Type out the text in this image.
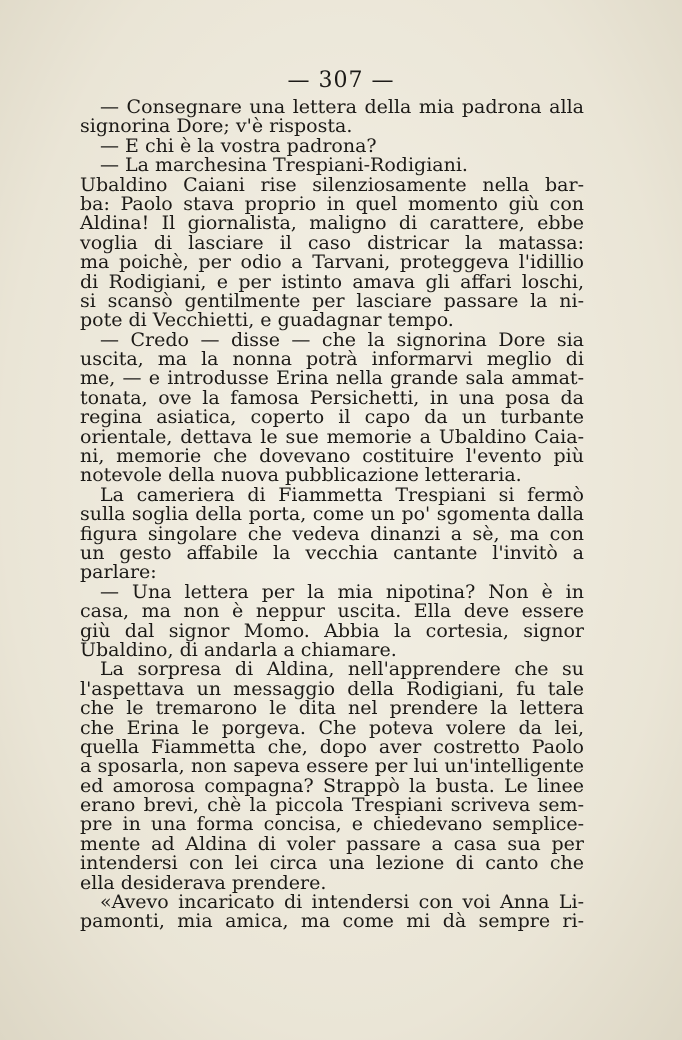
— 307 —
— Consegnare una lettera della mia padrona alla
signorina Dore; v'è risposta.
— E chi è la vostra padrona?
— La marchesina Trespiani-Rodigiani.
Ubaldino Caiani rise silenziosamente nella bar-
ba: Paolo stava proprio in quel momento giù con
Aldina! Il giornalista, maligno di carattere, ebbe
voglia di lasciare il caso districar la matassa:
ma poichè, per odio a Tarvani, proteggeva l'idillio
di Rodigiani, e per istinto amava gli affari loschi,
si scansò gentilmente per lasciare passare la ni-
pote di Vecchietti, e guadagnar tempo.
— Credo — disse — che la signorina Dore sia
uscita, ma la nonna potrà informarvi meglio di
me, — e introdusse Erina nella grande sala ammat-
tonata, ove la famosa Persichetti, in una posa da
regina asiatica, coperto il capo da un turbante
orientale, dettava le sue memorie a Ubaldino Caia-
ni, memorie che dovevano costituire l'evento più
notevole della nuova pubblicazione letteraria.
La cameriera di Fiammetta Trespiani si fermò
sulla soglia della porta, come un po' sgomenta dalla
figura singolare che vedeva dinanzi a sè, ma con
un gesto affabile la vecchia cantante l'invitò a
parlare:
— Una lettera per la mia nipotina? Non è in
casa, ma non è neppur uscita. Ella deve essere
giù dal signor Momo. Abbia la cortesia, signor
Ubaldino, di andarla a chiamare.
La sorpresa di Aldina, nell'apprendere che su
l'aspettava un messaggio della Rodigiani, fu tale
che le tremarono le dita nel prendere la lettera
che Erina le porgeva. Che poteva volere da lei,
quella Fiammetta che, dopo aver costretto Paolo
a sposarla, non sapeva essere per lui un'intelligente
ed amorosa compagna? Strappò la busta. Le linee
erano brevi, chè la piccola Trespiani scriveva sem-
pre in una forma concisa, e chiedevano semplice-
mente ad Aldina di voler passare a casa sua per
intendersi con lei circa una lezione di canto che
ella desiderava prendere.
«Avevo incaricato di intendersi con voi Anna Li-
pamonti, mia amica, ma come mi dà sempre ri-
